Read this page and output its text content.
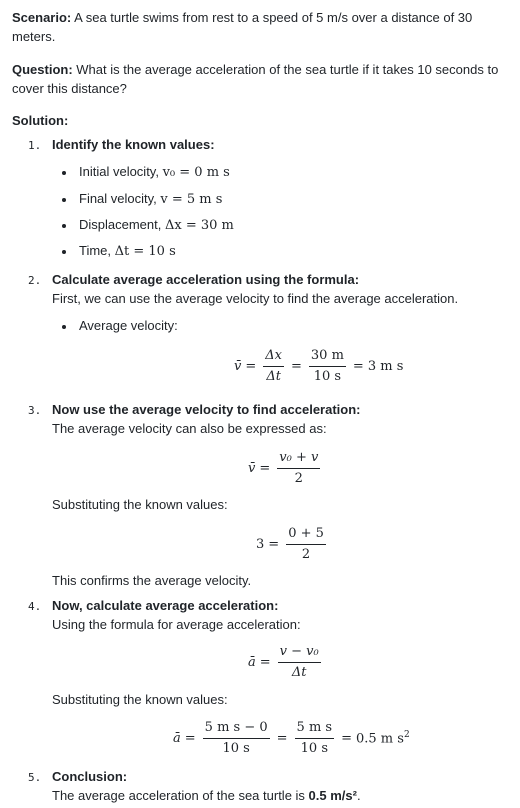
Scenario: A sea turtle swims from rest to a speed of 5 m/s over a distance of 30
meters.
Question: What is the average acceleration of the sea turtle if it takes 10 seconds to
cover this distance?
Solution:
1. Identify the known values:
Initial velocity, v₀ = 0 m s
Final velocity, v = 5 m s
Displacement, Δx = 30 m
Time, Δt = 10 s
2. Calculate average acceleration using the formula:
First, we can use the average velocity to find the average acceleration.
Average velocity:
v̄ = $\frac{\Delta x}{\Delta t} = \frac{30 m}{10 s} = 3$ m s
3. Now use the average velocity to find acceleration:
The average velocity can also be expressed as:
v̄ = $\frac{\text{v₀ + v}}{2}$
Substituting the known values:
$3 = \frac{0 + 5}{2}$
This confirms the average velocity.
4. Now, calculate average acceleration:
Using the formula for average acceleration:
ā = $\frac{\text{v − v₀}}{\Delta t}$
Substituting the known values:
ā = $\frac{\text{5 m s − 0}}{10 s} = \frac{\text{5 m s}}{10 s} = 0.5$ m $s^2$
5. Conclusion:
The average acceleration of the sea turtle is 0.5 m/s².
